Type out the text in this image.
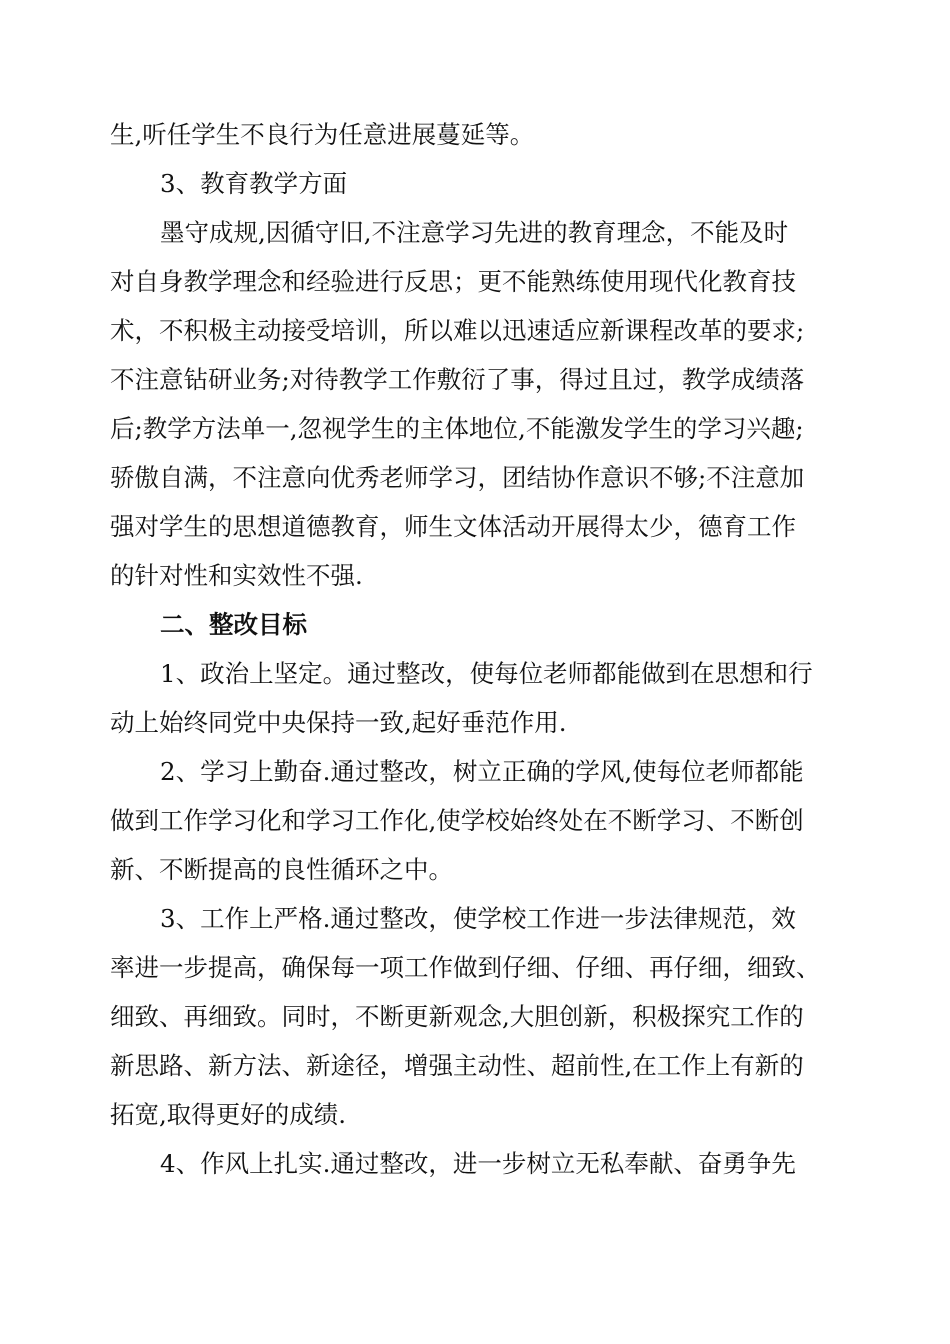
生,听任学生不良行为任意进展蔓延等。
3、教育教学方面
墨守成规,因循守旧,不注意学习先进的教育理念，不能及时
对自身教学理念和经验进行反思；更不能熟练使用现代化教育技
术，不积极主动接受培训，所以难以迅速适应新课程改革的要求;
不注意钻研业务;对待教学工作敷衍了事，得过且过，教学成绩落
后;教学方法单一,忽视学生的主体地位,不能激发学生的学习兴趣;
骄傲自满，不注意向优秀老师学习，团结协作意识不够;不注意加
强对学生的思想道德教育，师生文体活动开展得太少，德育工作
的针对性和实效性不强.
二、整改目标
1、政治上坚定。通过整改，使每位老师都能做到在思想和行
动上始终同党中央保持一致,起好垂范作用.
2、学习上勤奋.通过整改，树立正确的学风,使每位老师都能
做到工作学习化和学习工作化,使学校始终处在不断学习、不断创
新、不断提高的良性循环之中。
3、工作上严格.通过整改，使学校工作进一步法律规范，效
率进一步提高，确保每一项工作做到仔细、仔细、再仔细，细致、
细致、再细致。同时，不断更新观念,大胆创新，积极探究工作的
新思路、新方法、新途径，增强主动性、超前性,在工作上有新的
拓宽,取得更好的成绩.
4、作风上扎实.通过整改，进一步树立无私奉献、奋勇争先
